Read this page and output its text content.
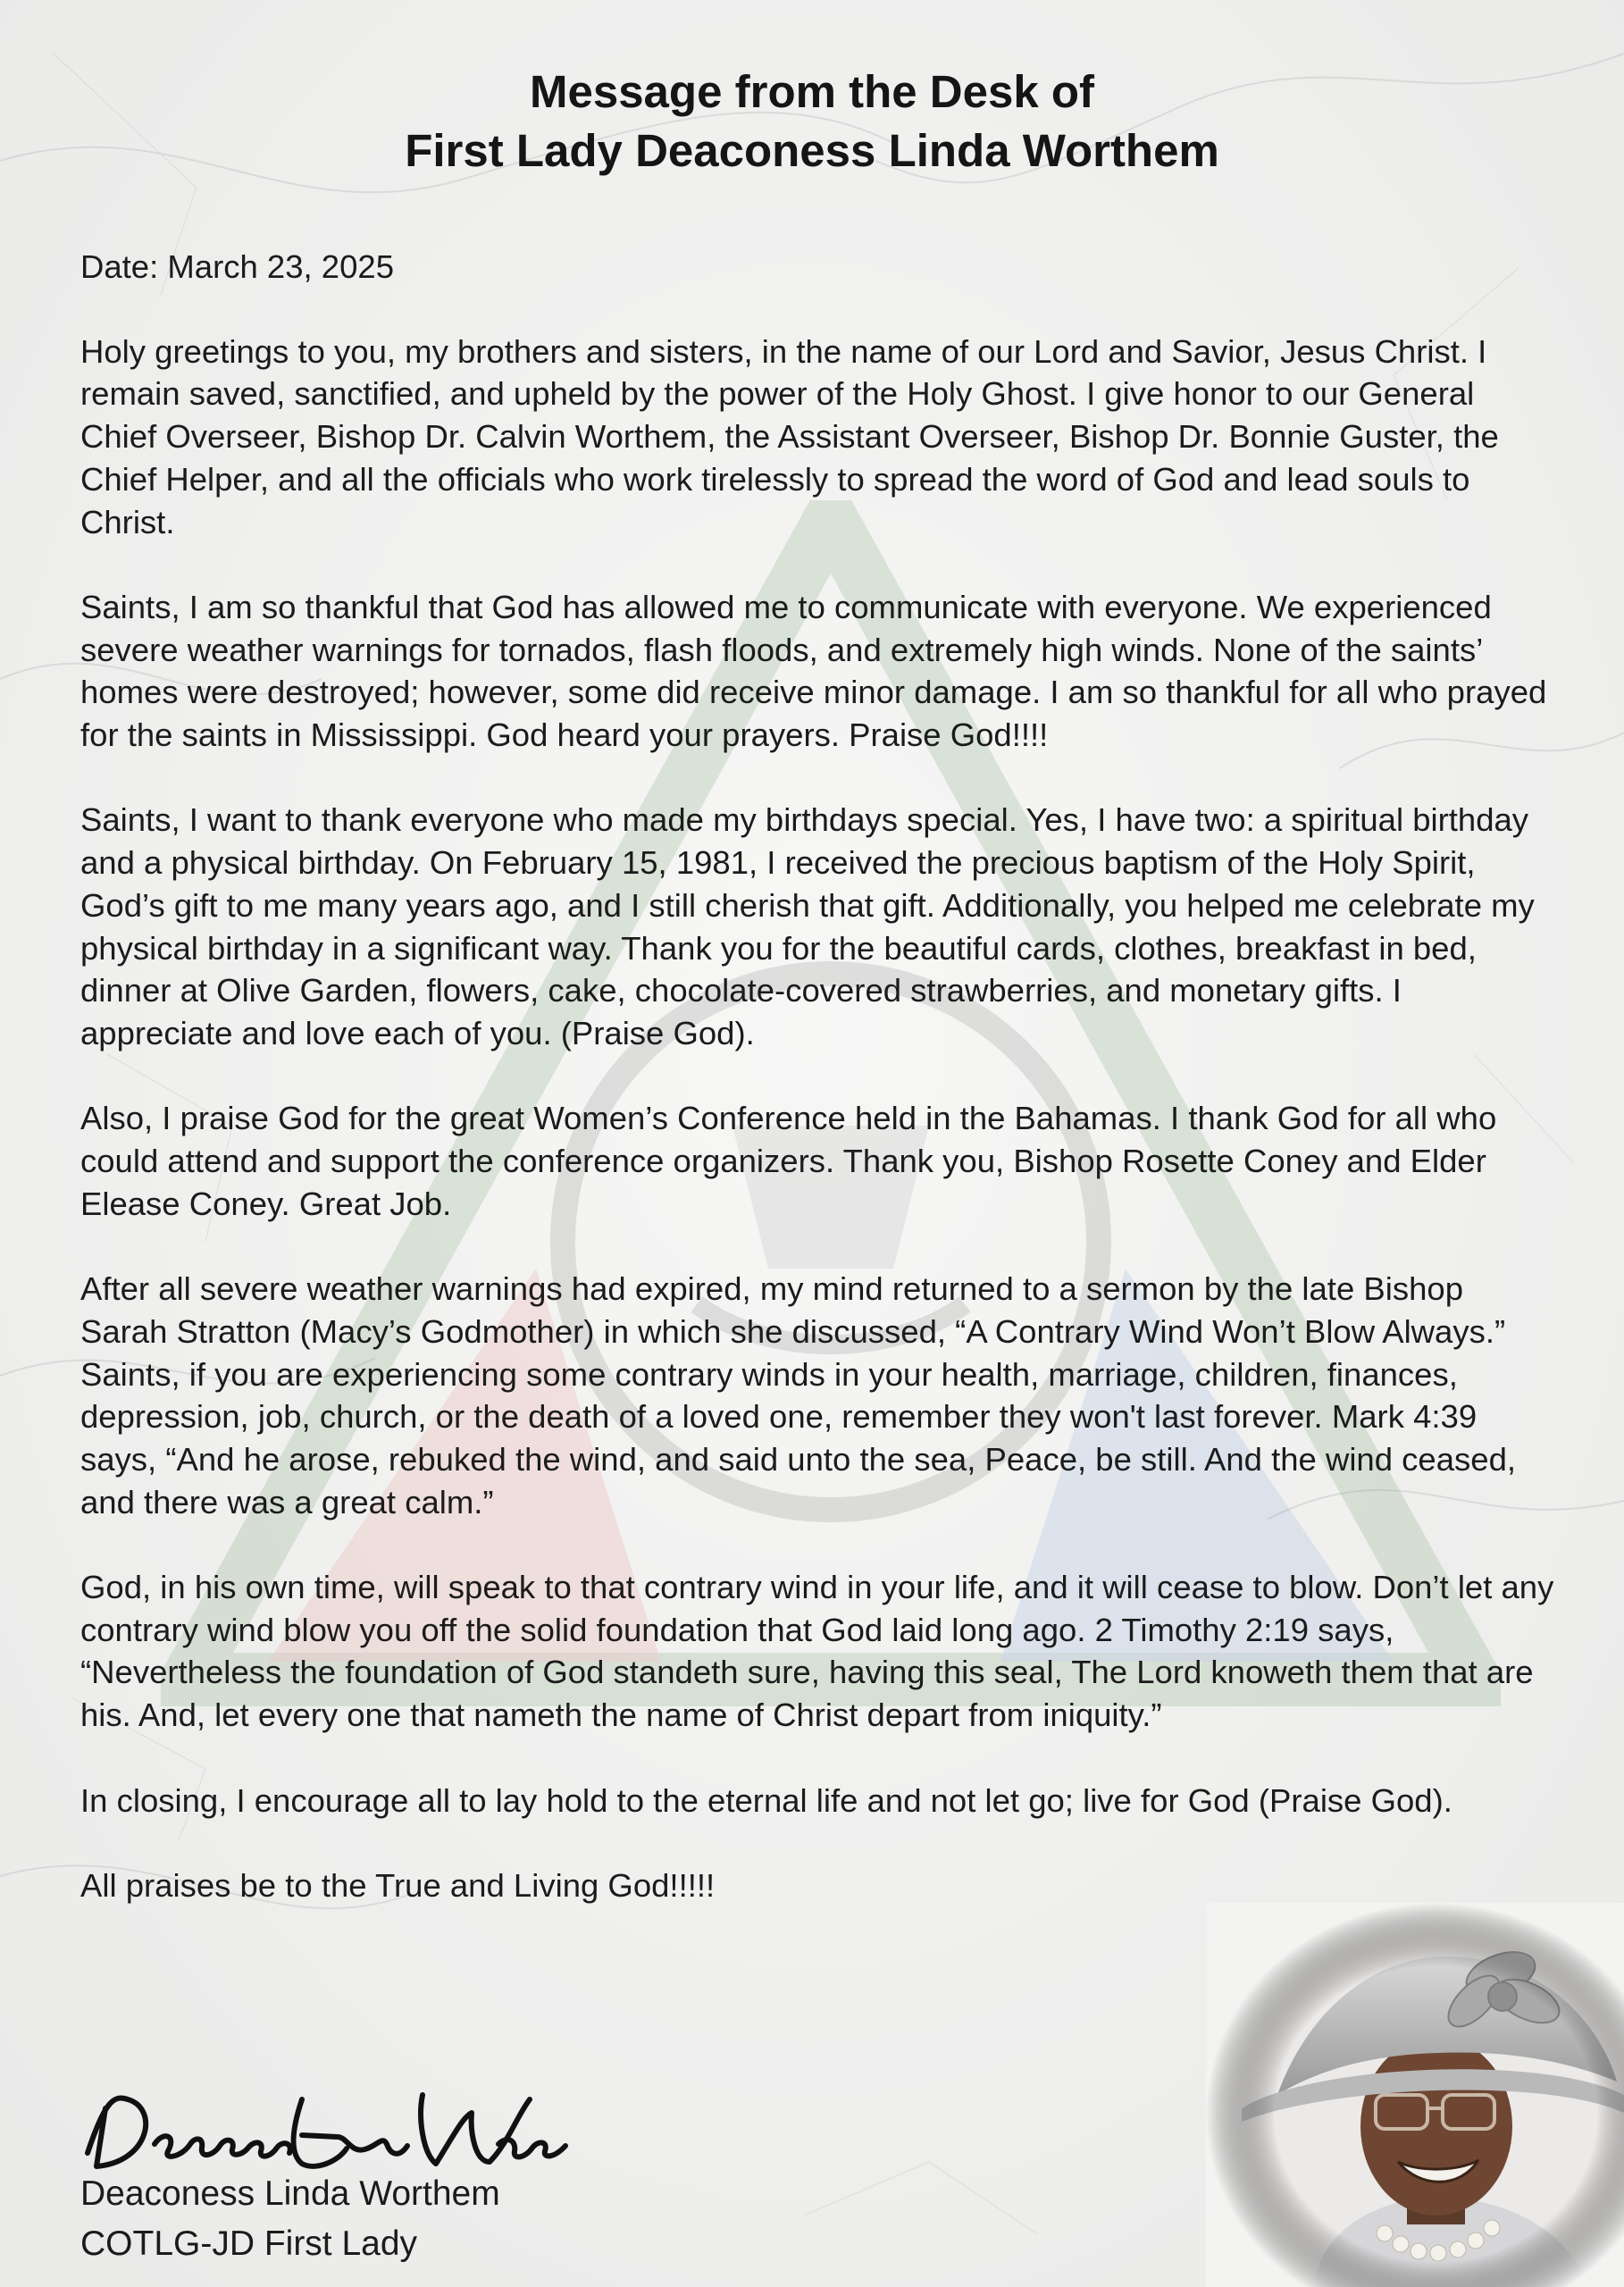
Message from the Desk of
First Lady Deaconess Linda Worthem
Date: March 23, 2025
Holy greetings to you, my brothers and sisters, in the name of our Lord and Savior, Jesus Christ. I remain saved, sanctified, and upheld by the power of the Holy Ghost. I give honor to our General Chief Overseer, Bishop Dr. Calvin Worthem, the Assistant Overseer, Bishop Dr. Bonnie Guster, the Chief Helper, and all the officials who work tirelessly to spread the word of God and lead souls to Christ.
Saints, I am so thankful that God has allowed me to communicate with everyone. We experienced severe weather warnings for tornados, flash floods, and extremely high winds. None of the saints’ homes were destroyed; however, some did receive minor damage. I am so thankful for all who prayed for the saints in Mississippi. God heard your prayers. Praise God!!!!
Saints, I want to thank everyone who made my birthdays special. Yes, I have two: a spiritual birthday and a physical birthday. On February 15, 1981, I received the precious baptism of the Holy Spirit, God’s gift to me many years ago, and I still cherish that gift. Additionally, you helped me celebrate my physical birthday in a significant way. Thank you for the beautiful cards, clothes, breakfast in bed, dinner at Olive Garden, flowers, cake, chocolate-covered strawberries, and monetary gifts. I appreciate and love each of you. (Praise God).
Also, I praise God for the great Women’s Conference held in the Bahamas. I thank God for all who could attend and support the conference organizers. Thank you, Bishop Rosette Coney and Elder Elease Coney. Great Job.
After all severe weather warnings had expired, my mind returned to a sermon by the late Bishop Sarah Stratton (Macy’s Godmother) in which she discussed, “A Contrary Wind Won’t Blow Always.” Saints, if you are experiencing some contrary winds in your health, marriage, children, finances, depression, job, church, or the death of a loved one, remember they won't last forever. Mark 4:39 says, “And he arose, rebuked the wind, and said unto the sea, Peace, be still. And the wind ceased, and there was a great calm.”
God, in his own time, will speak to that contrary wind in your life, and it will cease to blow. Don’t let any contrary wind blow you off the solid foundation that God laid long ago. 2 Timothy 2:19 says, “Nevertheless the foundation of God standeth sure, having this seal, The Lord knoweth them that are his. And, let every one that nameth the name of Christ depart from iniquity.”
In closing, I encourage all to lay hold to the eternal life and not let go; live for God (Praise God).
All praises be to the True and Living God!!!!!
Deaconess Linda Worthem
COTLG-JD First Lady
